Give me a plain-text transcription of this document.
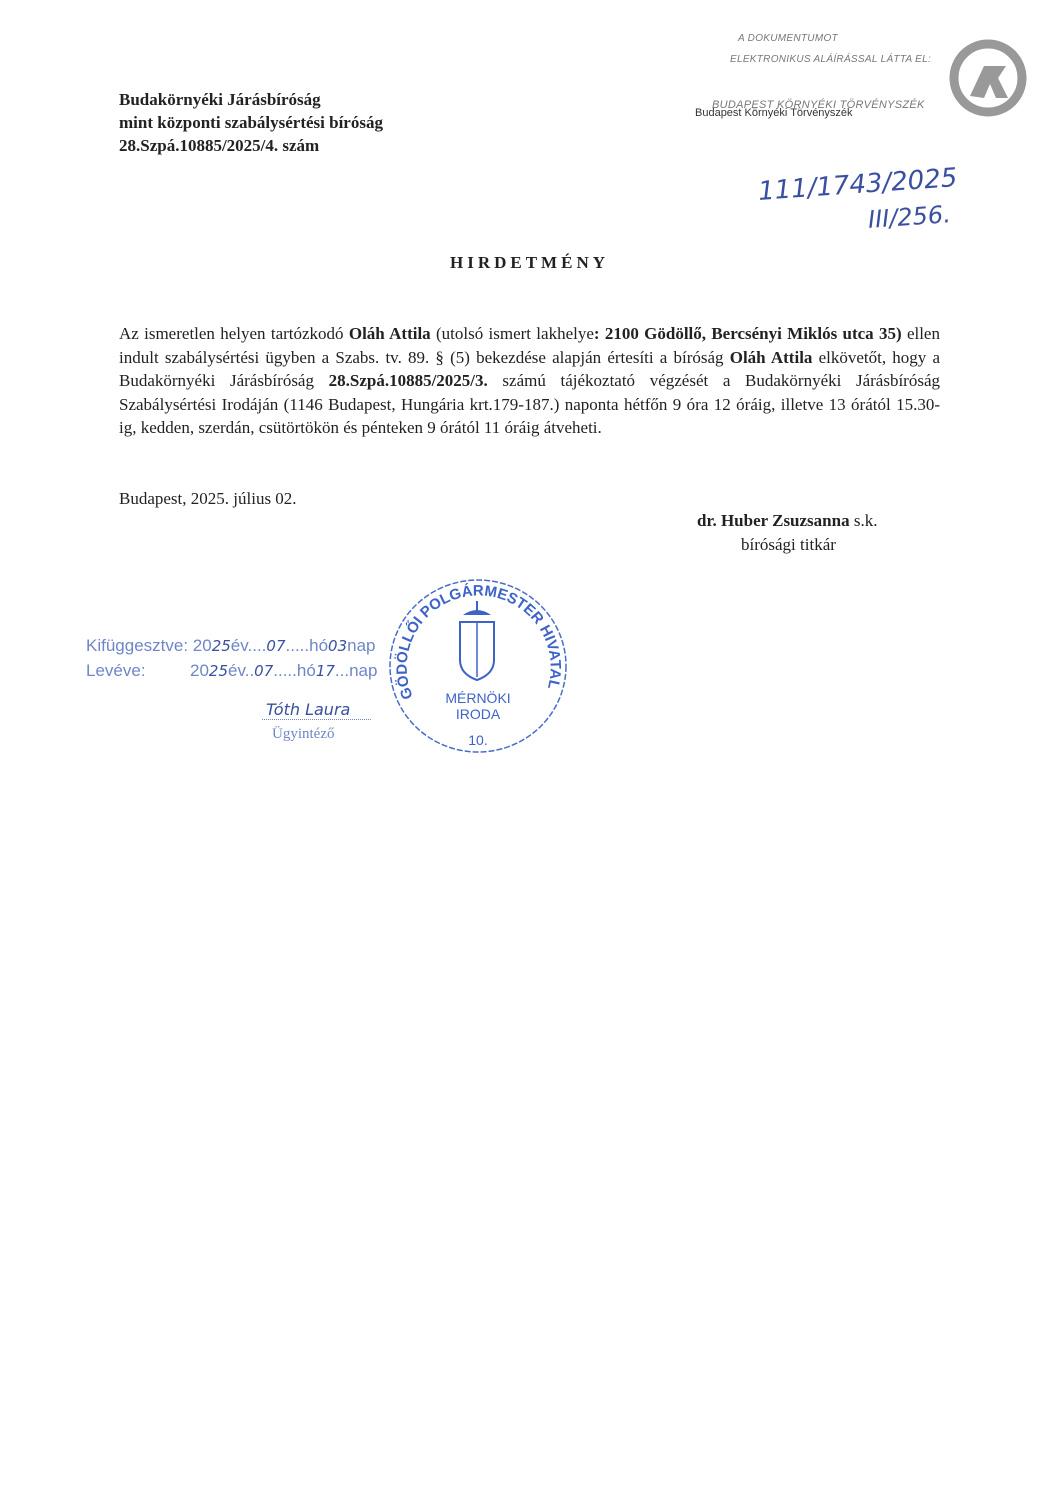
Budakörnyéki Járásbíróság
mint központi szabálysértési bíróság
28.Szpá.10885/2025/4. szám
A DOKUMENTUMOT
ELEKTRONIKUS ALÁÍRÁSSAL LÁTTA EL:
BUDAPEST KÖRNYÉKI TÖRVÉNYSZÉK
Budapest Környéki Törvényszék
111/1743/2025
III/256.
HIRDETMÉNY
Az ismeretlen helyen tartózkodó Oláh Attila (utolsó ismert lakhelye: 2100 Gödöllő, Bercsényi Miklós utca 35) ellen indult szabálysértési ügyben a Szabs. tv. 89. § (5) bekezdése alapján értesíti a bíróság Oláh Attila elkövetőt, hogy a Budakörnyéki Járásbíróság 28.Szpá.10885/2025/3. számú tájékoztató végzését a Budakörnyéki Járásbíróság Szabálysértési Irodáján (1146 Budapest, Hungária krt.179-187.) naponta hétfőn 9 óra 12 óráig, illetve 13 órától 15.30-ig, kedden, szerdán, csütörtökön és pénteken 9 órától 11 óráig átveheti.
Budapest, 2025. július 02.
dr. Huber Zsuzsanna s.k.
bírósági titkár
Kifüggesztve: 2025év....07.....hó03nap
Levéve:	2025év..07.....hó17...nap
Tóth Laura
Ügyintéző
GÖDÖLLŐI POLGÁRMESTER HIVATAL
MÉRNÖKI
IRODA
10.
